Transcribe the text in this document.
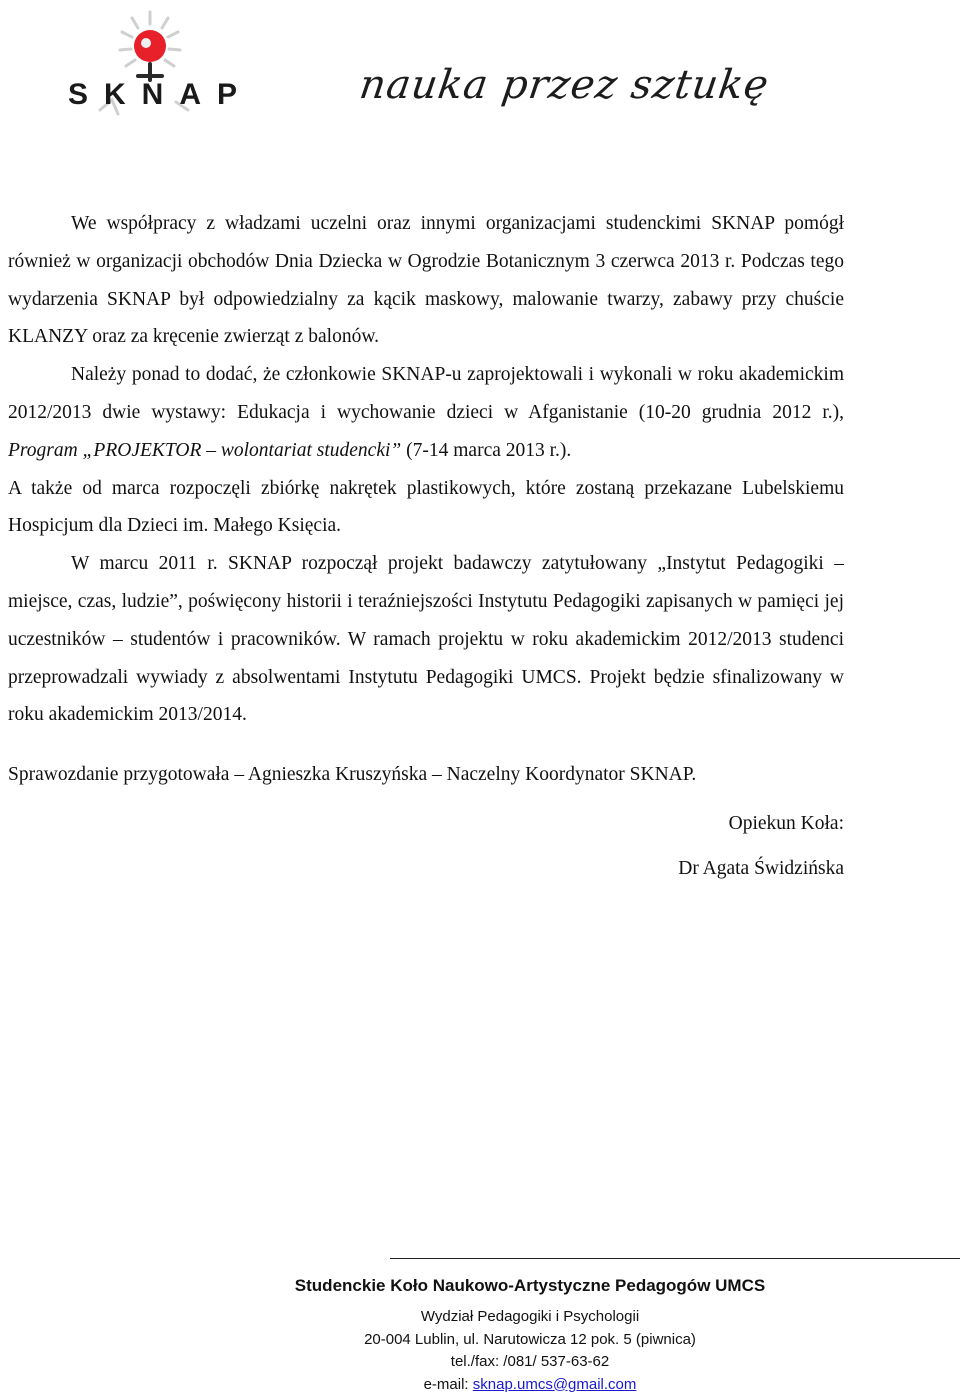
SKNAP	nauka przez sztukę

We współpracy z władzami uczelni oraz innymi organizacjami studenckimi SKNAP pomógł również w organizacji obchodów Dnia Dziecka w Ogrodzie Botanicznym 3 czerwca 2013 r. Podczas tego wydarzenia SKNAP był odpowiedzialny za kącik maskowy, malowanie twarzy, zabawy przy chuście KLANZY oraz za kręcenie zwierząt z balonów.

Należy ponad to dodać, że członkowie SKNAP-u zaprojektowali i wykonali w roku akademickim 2012/2013 dwie wystawy: Edukacja i wychowanie dzieci w Afganistanie (10-20 grudnia 2012 r.), Program „PROJEKTOR – wolontariat studencki” (7-14 marca 2013 r.).

A także od marca rozpoczęli zbiórkę nakrętek plastikowych, które zostaną przekazane Lubelskiemu Hospicjum dla Dzieci im. Małego Księcia.

W marcu 2011 r. SKNAP rozpoczął projekt badawczy zatytułowany „Instytut Pedagogiki – miejsce, czas, ludzie”, poświęcony historii i teraźniejszości Instytutu Pedagogiki zapisanych w pamięci jej uczestników – studentów i pracowników. W ramach projektu w roku akademickim 2012/2013 studenci przeprowadzali wywiady z absolwentami Instytutu Pedagogiki UMCS. Projekt będzie sfinalizowany w roku akademickim 2013/2014.

Sprawozdanie przygotowała – Agnieszka Kruszyńska – Naczelny Koordynator SKNAP.
Opiekun Koła:
Dr Agata Świdzińska
Studenckie Koło Naukowo-Artystyczne Pedagogów UMCS
Wydział Pedagogiki i Psychologii
20-004 Lublin, ul. Narutowicza 12 pok. 5 (piwnica)
tel./fax: /081/ 537-63-62
e-mail: sknap.umcs@gmail.com
